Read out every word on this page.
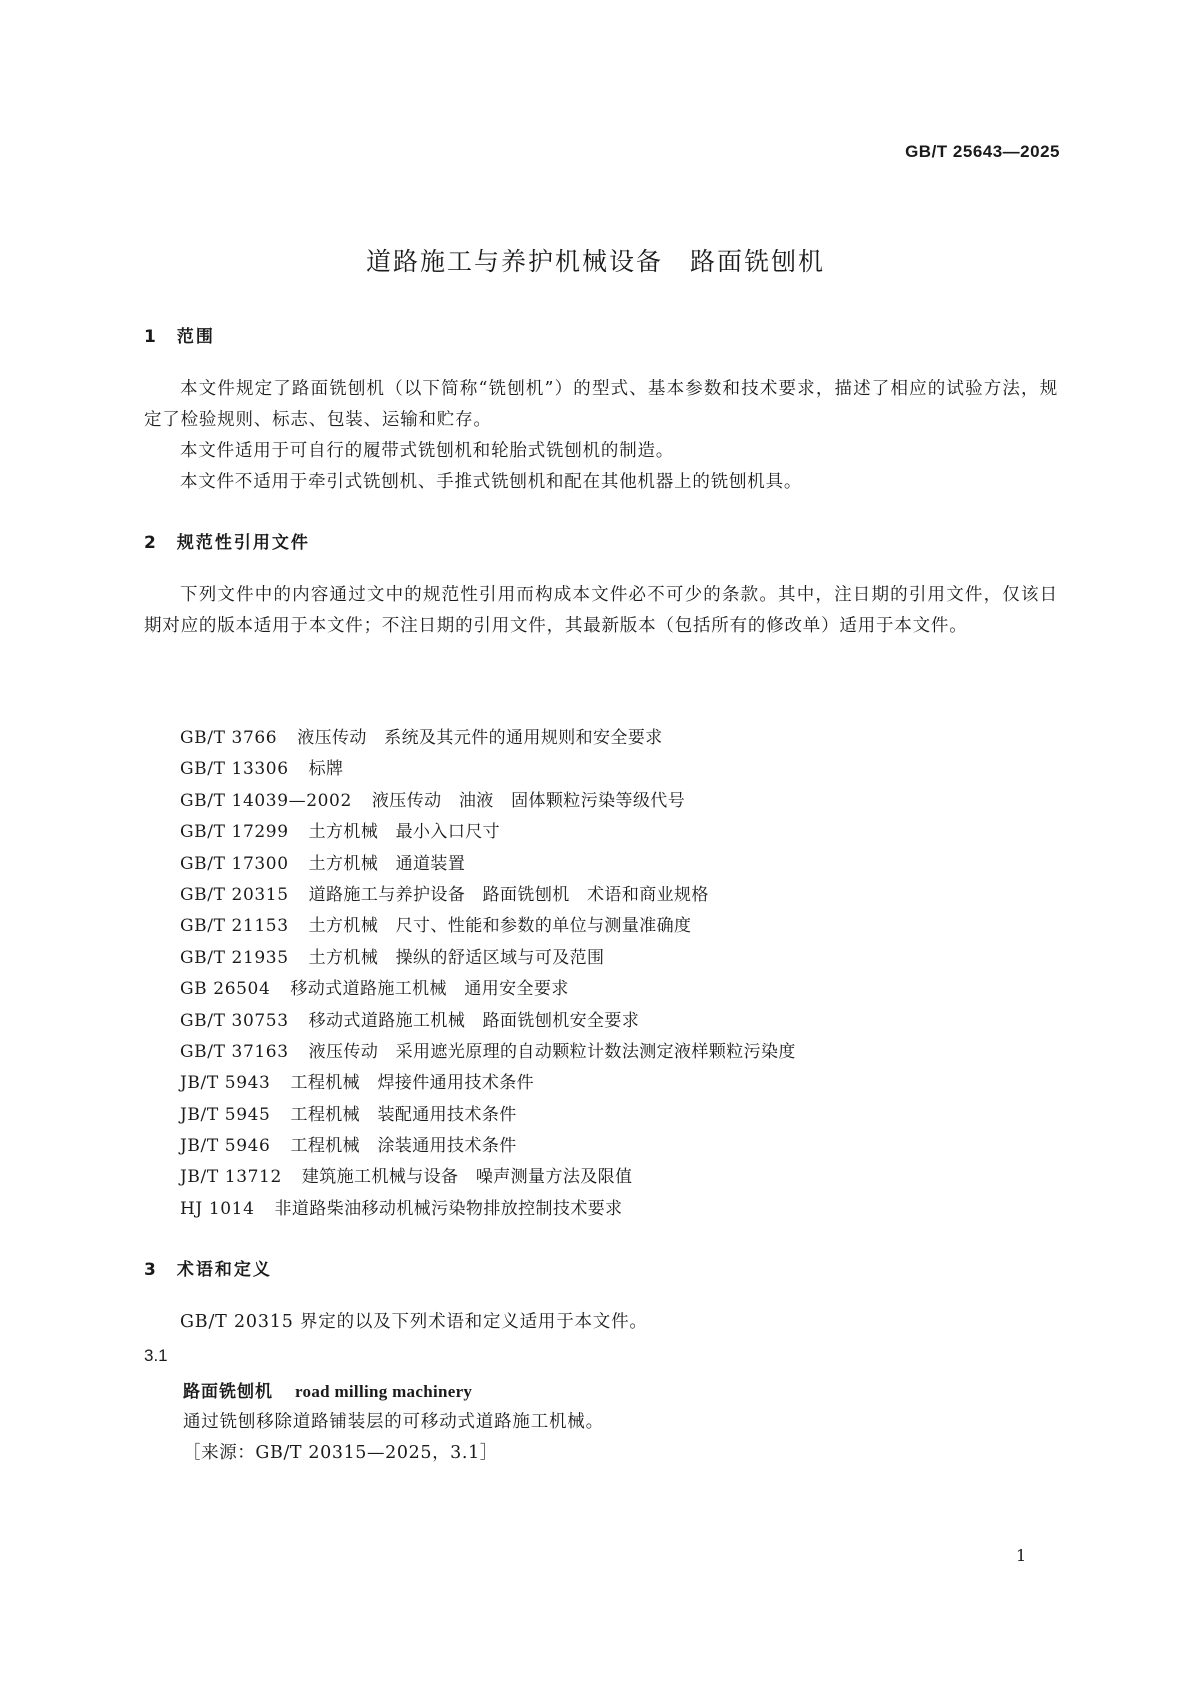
GB/T 25643—2025
道路施工与养护机械设备　路面铣刨机
1　范围

本文件规定了路面铣刨机（以下简称“铣刨机”）的型式、基本参数和技术要求，描述了相应的试验方法，规定了检验规则、标志、包装、运输和贮存。

本文件适用于可自行的履带式铣刨机和轮胎式铣刨机的制造。

本文件不适用于牵引式铣刨机、手推式铣刨机和配在其他机器上的铣刨机具。

2　规范性引用文件

下列文件中的内容通过文中的规范性引用而构成本文件必不可少的条款。其中，注日期的引用文件，仅该日期对应的版本适用于本文件；不注日期的引用文件，其最新版本（包括所有的修改单）适用于本文件。

GB/T 3766 液压传动　系统及其元件的通用规则和安全要求
GB/T 13306 标牌
GB/T 14039—2002 液压传动　油液　固体颗粒污染等级代号
GB/T 17299 土方机械　最小入口尺寸
GB/T 17300 土方机械　通道装置
GB/T 20315 道路施工与养护设备　路面铣刨机　术语和商业规格
GB/T 21153 土方机械　尺寸、性能和参数的单位与测量准确度
GB/T 21935 土方机械　操纵的舒适区域与可及范围
GB 26504 移动式道路施工机械　通用安全要求
GB/T 30753 移动式道路施工机械　路面铣刨机安全要求
GB/T 37163 液压传动　采用遮光原理的自动颗粒计数法测定液样颗粒污染度
JB/T 5943 工程机械　焊接件通用技术条件
JB/T 5945 工程机械　装配通用技术条件
JB/T 5946 工程机械　涂装通用技术条件
JB/T 13712 建筑施工机械与设备　噪声测量方法及限值
HJ 1014 非道路柴油移动机械污染物排放控制技术要求
3　术语和定义

GB/T 20315 界定的以及下列术语和定义适用于本文件。

3.1
路面铣刨机 road milling machinery
通过铣刨移除道路铺装层的可移动式道路施工机械。
［来源：GB/T 20315—2025，3.1］
1
